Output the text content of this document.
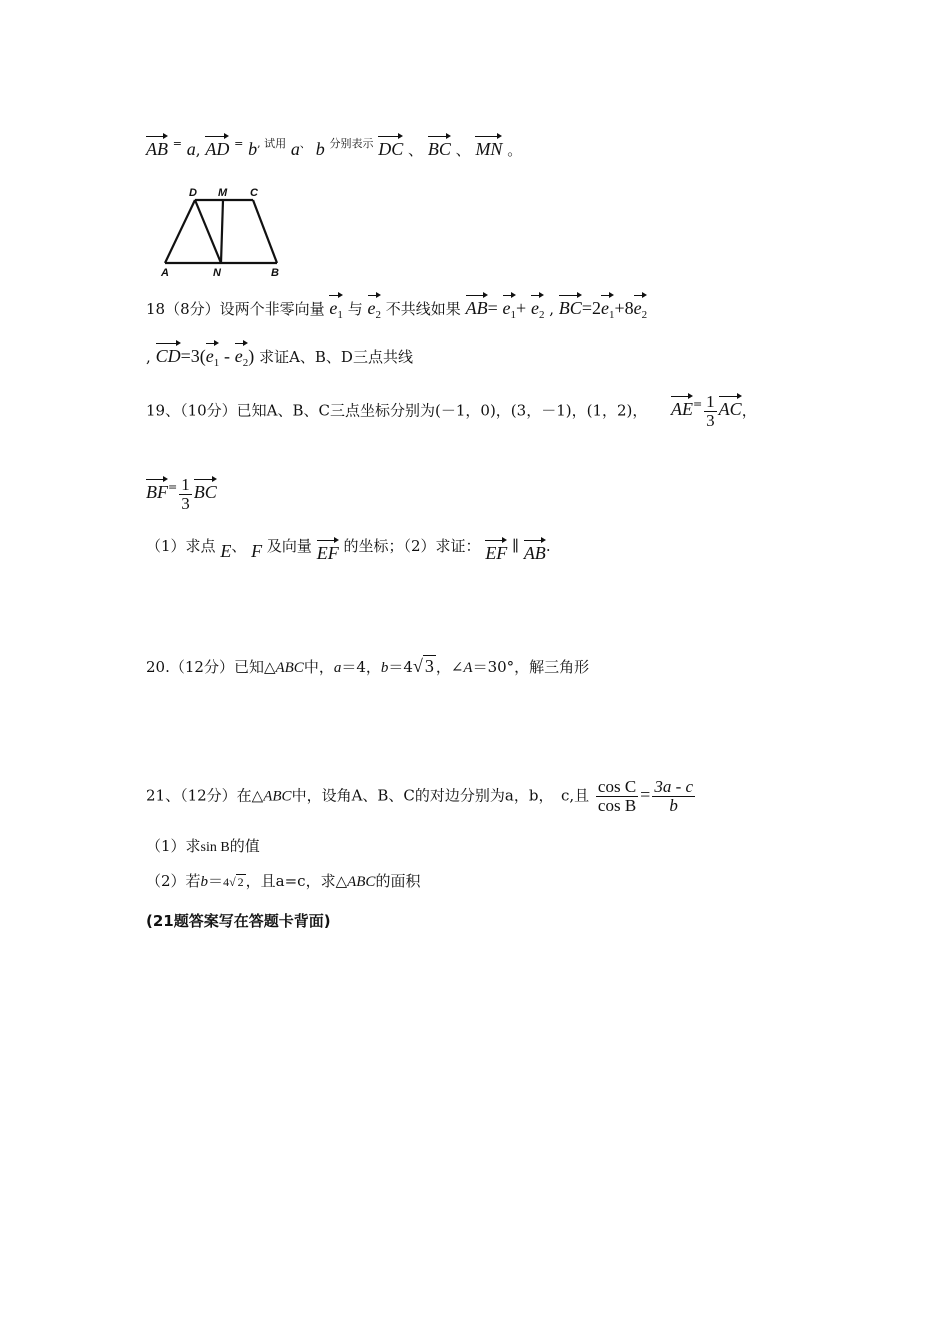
AB = a, AD = $b^{, 试用}$ a、 b $^{分别表示}$ DC 、 BC 、 MN 。
D M C
A	N	B
18（8分）设两个非零向量 $e_1$ 与 $e_2$ 不共线如果 $AB= e_1+ e_2$ , $BC=2e_1+8e_2$
, $CD=3(e_1 - e_2)$ 求证A、B、D三点共线
19、（10分）已知A、B、C三点坐标分别为(－1，0)，(3，－1)，(1，2)， $AE^= \frac{1}{3}$ AC，
$BF^= \frac{1}{3}$ BC
（1）求点 E、 F 及向量 EF 的坐标；（2）求证： EF ∥ AB.
20.（12分）已知△ABC中，a＝4，b＝4√ 3 ，∠A＝30°，解三角形
21、（12分）在△ABC中，设角A、B、C的对边分别为a，b，　c,且 $\frac{\text{cos C}}{\text{cos B}} = \frac{3a - c}{b}$
（1）求sin B的值
（2）若b＝4√ 2 ，且a=c，求△ABC的面积
(21题答案写在答题卡背面)
